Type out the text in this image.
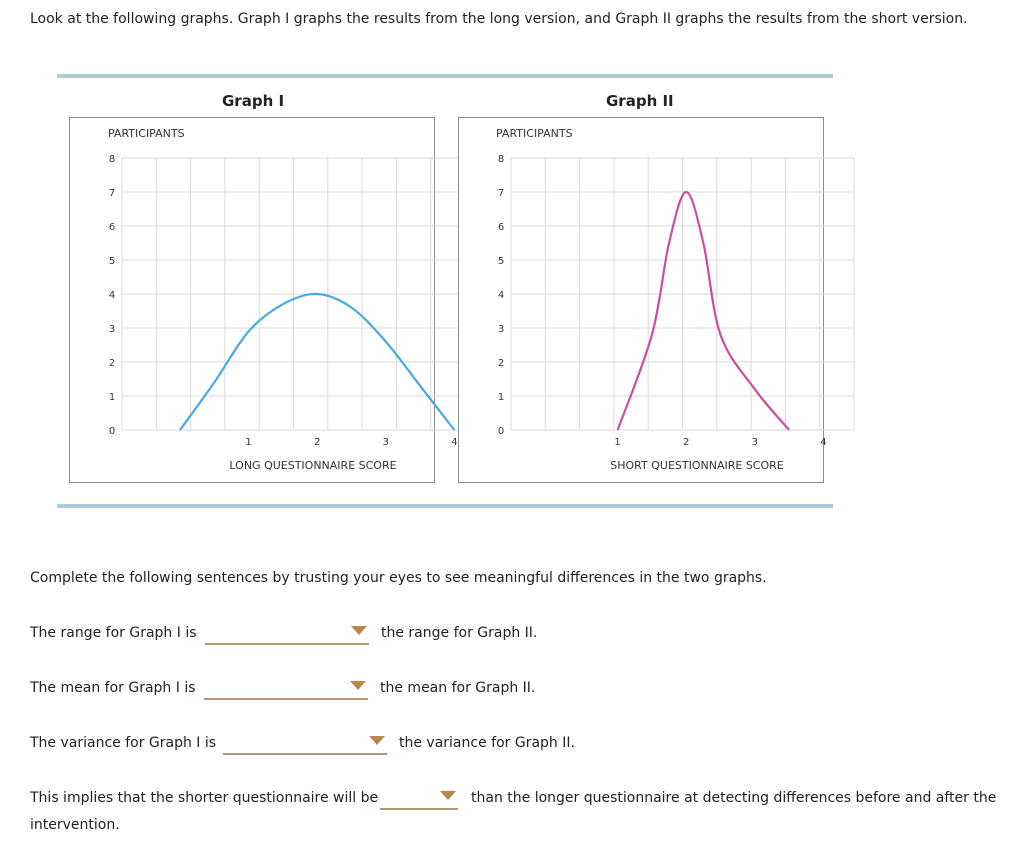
Look at the following graphs. Graph I graphs the results from the long version, and Graph II graphs the results from the short version.
Graph I	Graph II
PARTICIPANTS
8
7
6
5
4
3
2
1
0
1	2	3	4
LONG QUESTIONNAIRE SCORE
PARTICIPANTS
8
7
6
5
4
3
2
1
0
1	2	3	4
SHORT QUESTIONNAIRE SCORE
Complete the following sentences by trusting your eyes to see meaningful differences in the two graphs.
The range for Graph I is	the range for Graph II.
The mean for Graph I is	the mean for Graph II.
The variance for Graph I is	the variance for Graph II.
This implies that the shorter questionnaire will be	than the longer questionnaire at detecting differences before and after the
intervention.
